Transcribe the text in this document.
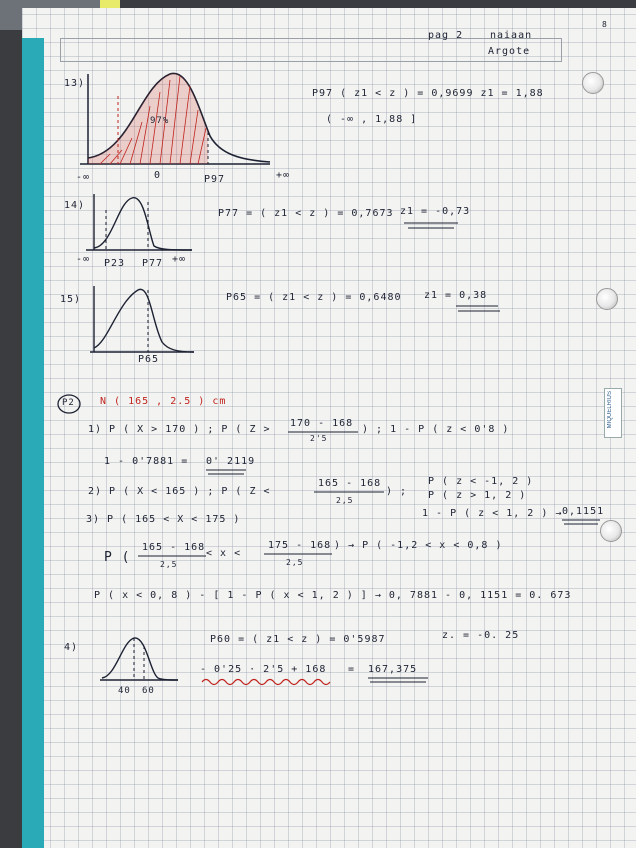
8
pag 2	naiaan
Argote
MIQUELRIUS
13)
-∞	0	P97	+∞
97%
P97 ( z1 < z ) = 0,9699 z1 = 1,88
( -∞ , 1,88 ]
14)
-∞ P23 P77 +∞
P77 = ( z1 < z ) = 0,7673 z1 = -0,73
15)
P65
P65 = ( z1 < z ) = 0,6480 z1 = 0,38
P2	N ( 165 , 2.5 ) cm
1) P ( X > 170 ) ; P ( Z >
170 - 168
2'5
) ; 1 - P ( z < 0'8 )
1 - 0'7881 = 0' 2119
2) P ( X < 165 ) ; P ( Z <
165 - 168
2,5
) ;
P ( z < -1, 2 )
P ( z > 1, 2 )
1 - P ( z < 1, 2 ) → 0,1151
3) P ( 165 < X < 175 )
P (
165 - 168
2,5
< x <
175 - 168
2,5
) → P ( -1,2 < x < 0,8 )
P ( x < 0, 8 ) - [ 1 - P ( x < 1, 2 ) ] → 0, 7881 - 0, 1151 = 0. 673
4)
40 60
P60 = ( z1 < z ) = 0'5987	z. = -0. 25
- 0'25 · 2'5 + 168 = 167,375
